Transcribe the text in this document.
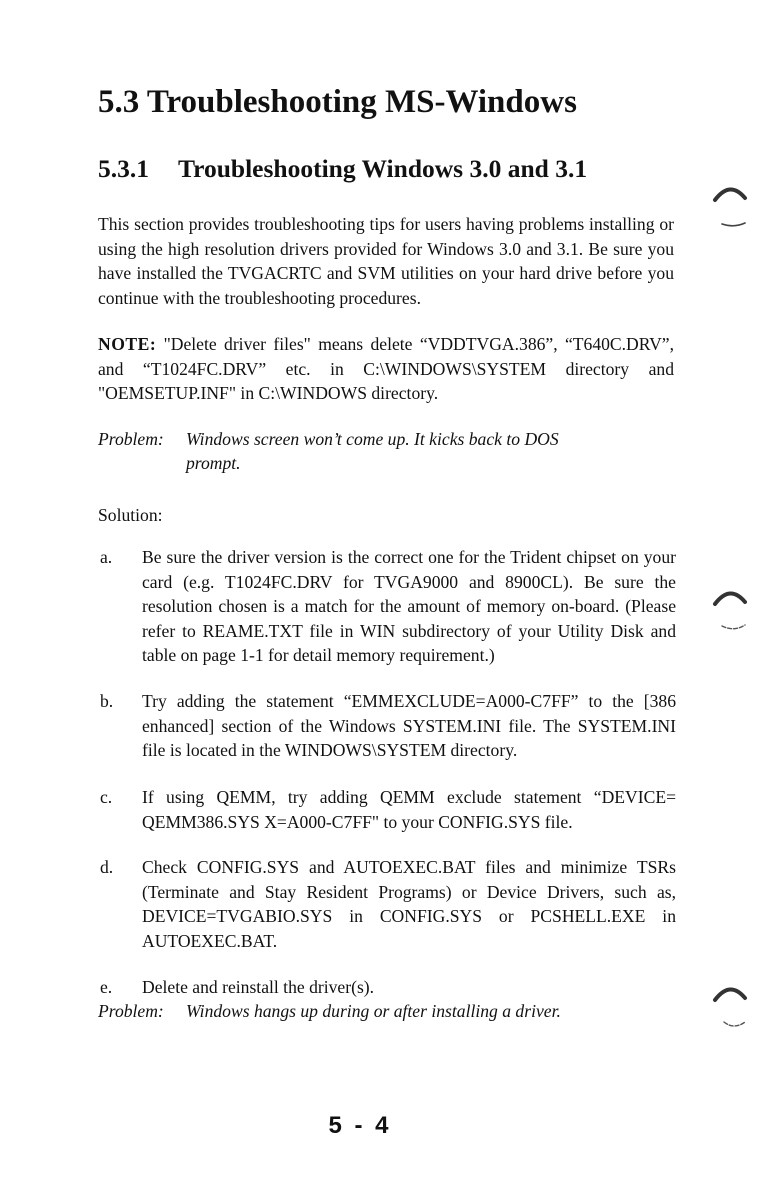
5.3 Troubleshooting MS-Windows
5.3.1 Troubleshooting Windows 3.0 and 3.1

This section provides troubleshooting tips for users having problems installing or using the high resolution drivers provided for Windows 3.0 and 3.1. Be sure you have installed the TVGACRTC and SVM utilities on your hard drive before you continue with the troubleshooting procedures.

NOTE: "Delete driver files" means delete “VDDTVGA.386”, “T640C.DRV”, and “T1024FC.DRV” etc. in C:\WINDOWS\SYSTEM directory and "OEMSETUP.INF" in C:\WINDOWS directory.

Problem: Windows screen won’t come up. It kicks back to DOS
prompt.

Solution:

a. Be sure the driver version is the correct one for the Trident chipset on your card (e.g. T1024FC.DRV for TVGA9000 and 8900CL). Be sure the resolution chosen is a match for the amount of memory on-board. (Please refer to REAME.TXT file in WIN subdirectory of your Utility Disk and table on page 1-1 for detail memory requirement.)
b. Try adding the statement “EMMEXCLUDE=A000-C7FF” to the [386 enhanced] section of the Windows SYSTEM.INI file. The SYSTEM.INI file is located in the WINDOWS\SYSTEM directory.
c. If using QEMM, try adding QEMM exclude statement “DEVICE= QEMM386.SYS X=A000-C7FF" to your CONFIG.SYS file.
d. Check CONFIG.SYS and AUTOEXEC.BAT files and minimize TSRs (Terminate and Stay Resident Programs) or Device Drivers, such as, DEVICE=TVGABIO.SYS in CONFIG.SYS or PCSHELL.EXE in AUTOEXEC.BAT.
e. Delete and reinstall the driver(s).
Problem: Windows hangs up during or after installing a driver.
5 - 4
